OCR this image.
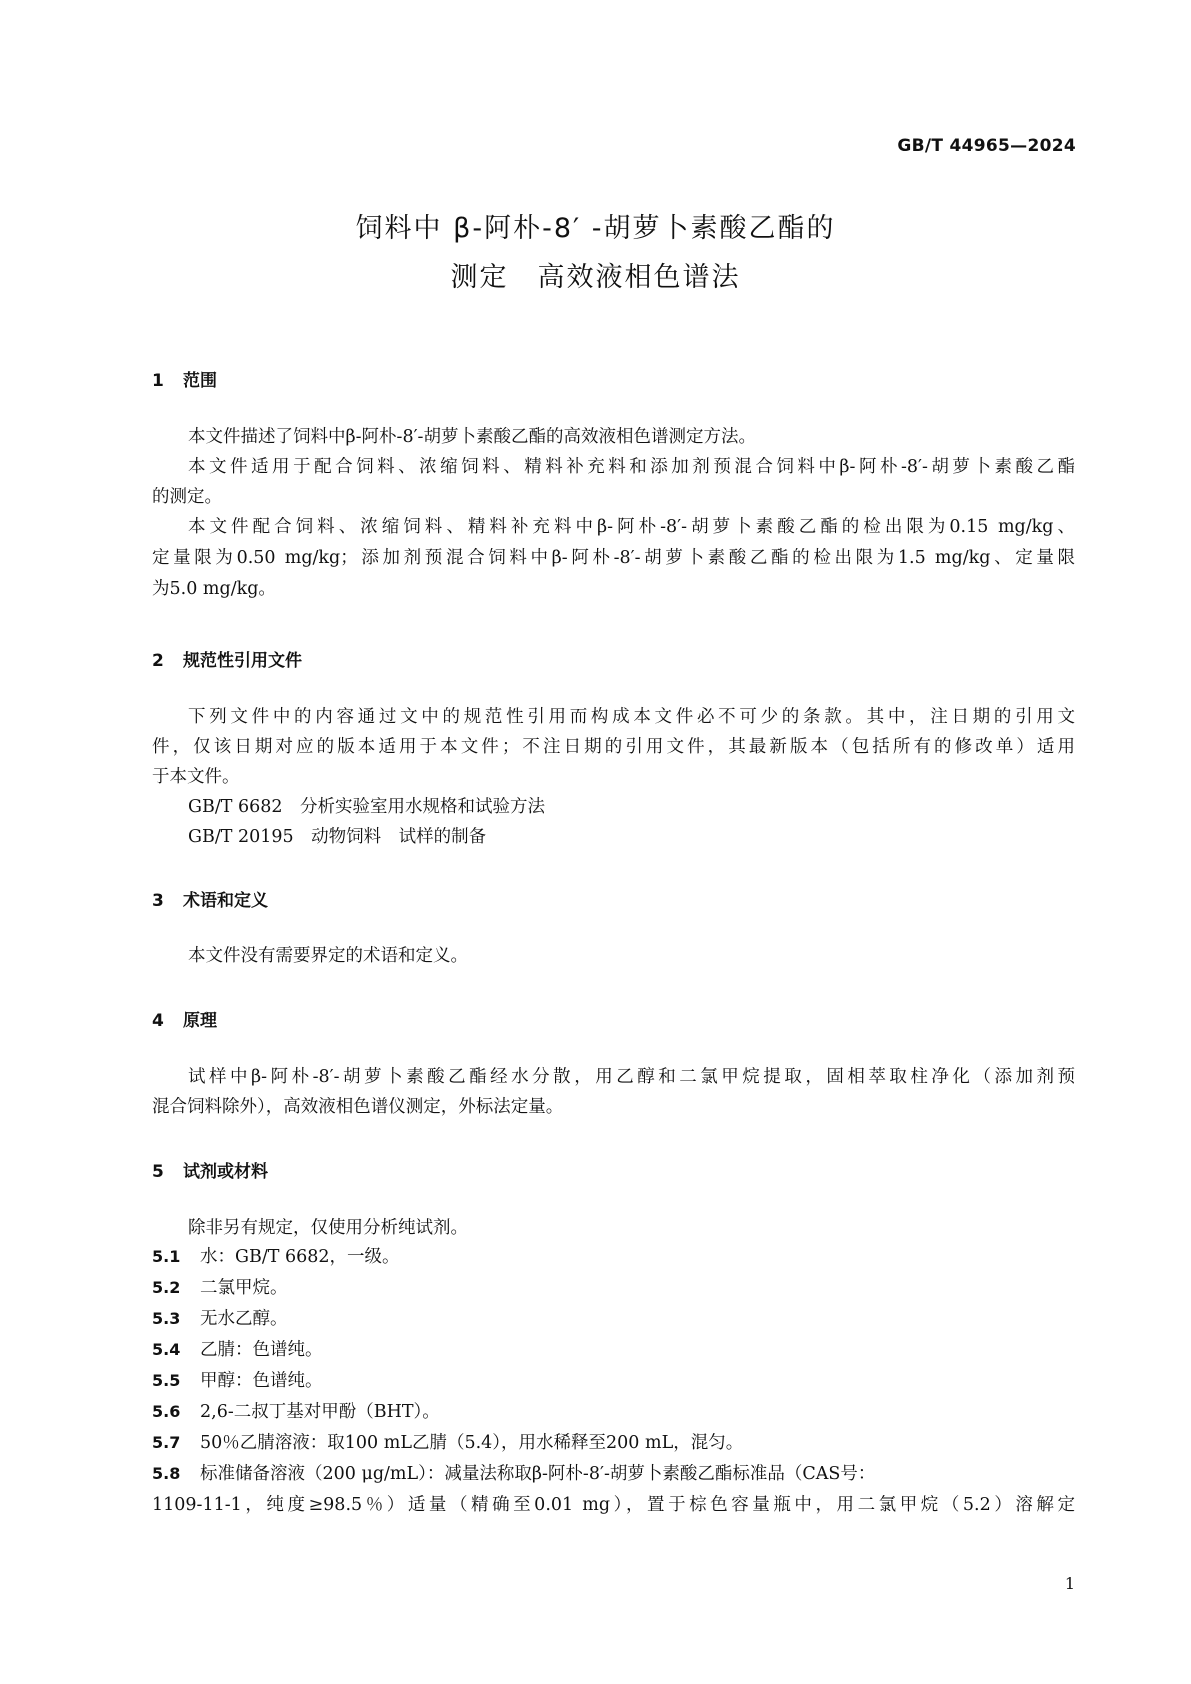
GB/T 44965—2024
饲料中 β-阿朴-8′ -胡萝卜素酸乙酯的
测定　高效液相色谱法
1 范围
本文件描述了饲料中β-阿朴-8′-胡萝卜素酸乙酯的高效液相色谱测定方法。
本文件适用于配合饲料、浓缩饲料、精料补充料和添加剂预混合饲料中β-阿朴-8′-胡萝卜素酸乙酯
的测定。
本文件配合饲料、浓缩饲料、精料补充料中β-阿朴-8′-胡萝卜素酸乙酯的检出限为0.15 mg/kg、
定量限为0.50 mg/kg；添加剂预混合饲料中β-阿朴-8′-胡萝卜素酸乙酯的检出限为1.5 mg/kg、定量限
为5.0 mg/kg。
2 规范性引用文件
下列文件中的内容通过文中的规范性引用而构成本文件必不可少的条款。其中，注日期的引用文
件，仅该日期对应的版本适用于本文件；不注日期的引用文件，其最新版本（包括所有的修改单）适用
于本文件。
GB/T 6682　分析实验室用水规格和试验方法
GB/T 20195　动物饲料　试样的制备
3 术语和定义
本文件没有需要界定的术语和定义。
4 原理
试样中β-阿朴-8′-胡萝卜素酸乙酯经水分散，用乙醇和二氯甲烷提取，固相萃取柱净化（添加剂预
混合饲料除外），高效液相色谱仪测定，外标法定量。
5 试剂或材料
除非另有规定，仅使用分析纯试剂。
5.1 水：GB/T 6682，一级。
5.2 二氯甲烷。
5.3 无水乙醇。
5.4 乙腈：色谱纯。
5.5 甲醇：色谱纯。
5.6 2,6-二叔丁基对甲酚（BHT）。
5.7 50％乙腈溶液：取100 mL乙腈（5.4），用水稀释至200 mL，混匀。
5.8 标准储备溶液（200 μg/mL）：减量法称取β-阿朴-8′-胡萝卜素酸乙酯标准品（CAS号：
1109-11-1，纯度≥98.5％）适量（精确至0.01 mg），置于棕色容量瓶中，用二氯甲烷（5.2）溶解定
1
